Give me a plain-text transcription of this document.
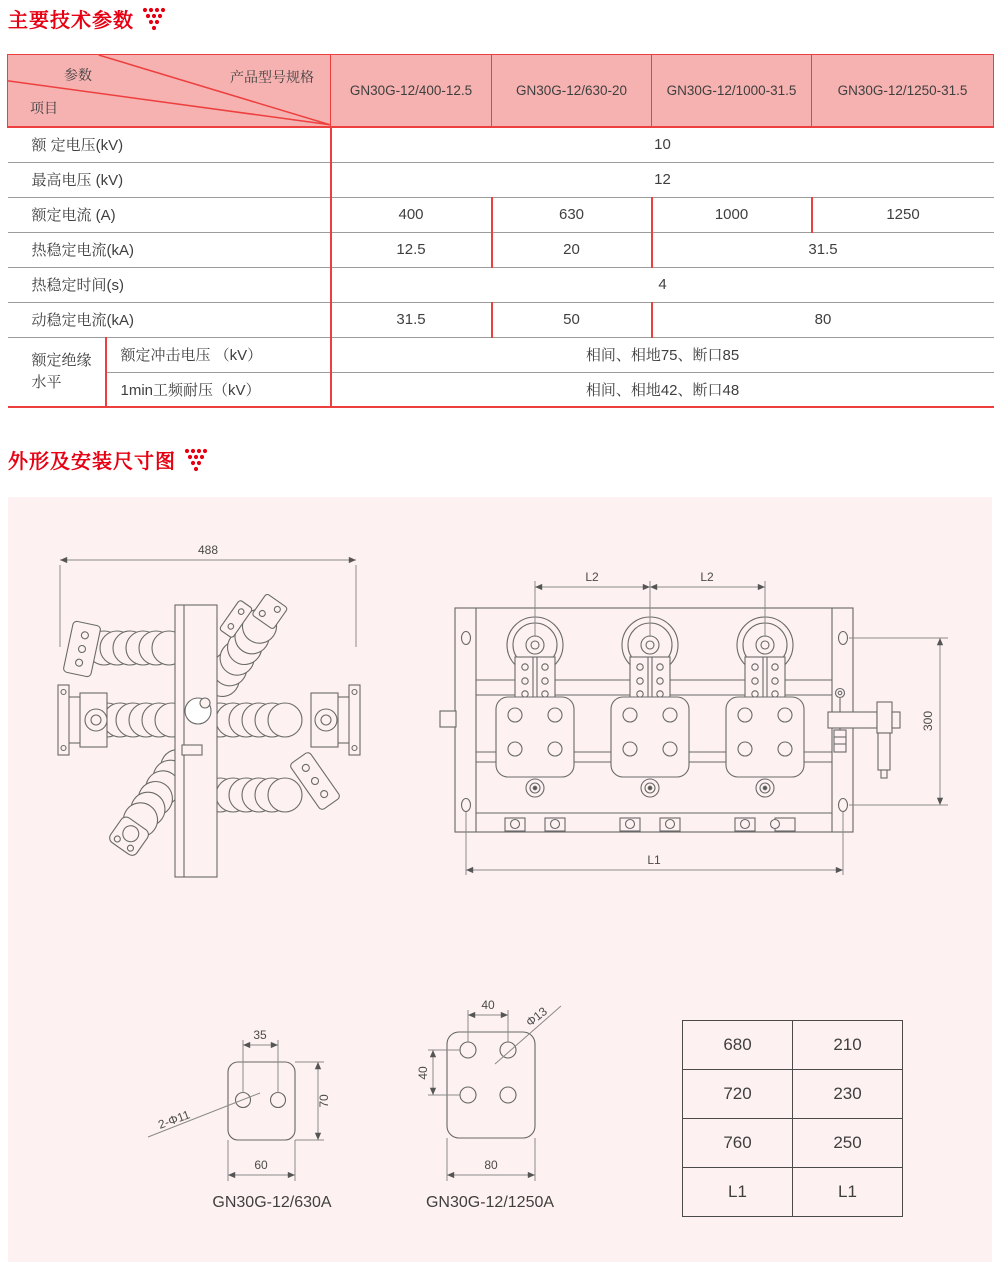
主要技术参数
参数 产品型号规格
项目		GN30G-12/400-12.5	GN30G-12/630-20	GN30G-12/1000-31.5	GN30G-12/1250-31.5
额 定电压(kV)		10			
最高电压 (kV)		12			
额定电流 (A)		400	630	1000	1250
热稳定电流(kA)		12.5	20	31.5	
热稳定时间(s)		4			
动稳定电流(kA)		31.5	50	80	
额定绝缘水平	额定冲击电压 （kV）	相间、相地75、断口85			
	1min工频耐压（kV）	相间、相地42、断口48			
外形及安装尺寸图
488
L2	L2
300
L1
35
70
60
2-Φ11
GN30G-12/630A
40
40
80
Φ13
GN30G-12/1250A
680	210
720	230
760	250
L1	L1
